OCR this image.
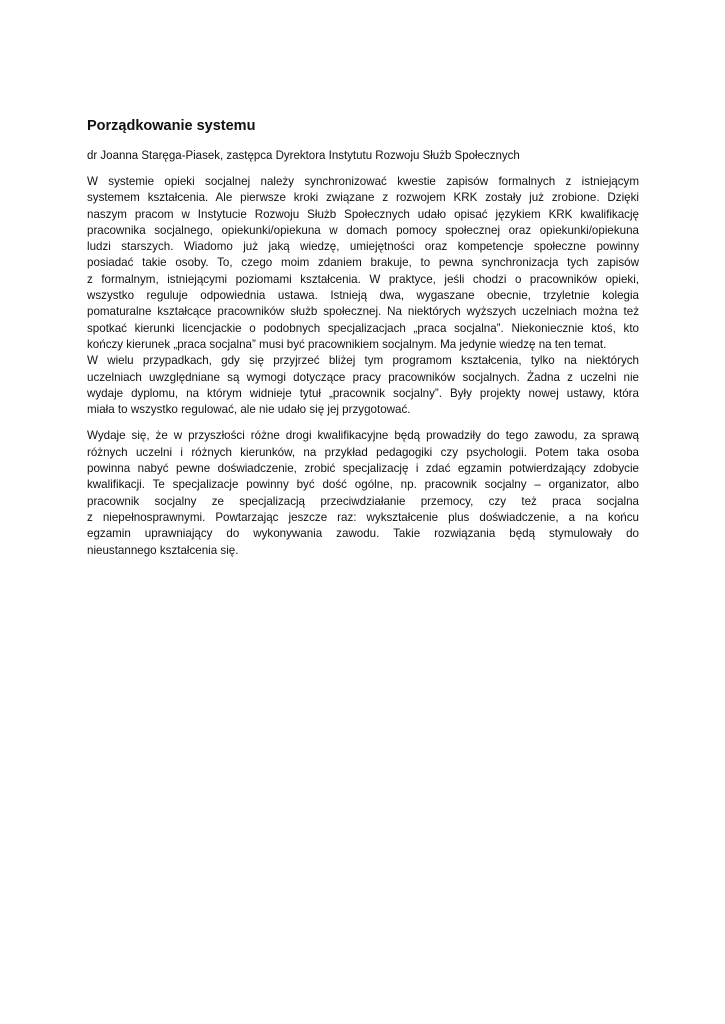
Porządkowanie systemu

dr Joanna Staręga-Piasek, zastępca Dyrektora Instytutu Rozwoju Służb Społecznych

W systemie opieki socjalnej należy synchronizować kwestie zapisów formalnych z istniejącym
systemem kształcenia. Ale pierwsze kroki związane z rozwojem KRK zostały już zrobione. Dzięki
naszym pracom w Instytucie Rozwoju Służb Społecznych udało opisać językiem KRK kwalifikację
pracownika socjalnego, opiekunki/opiekuna w domach pomocy społecznej oraz opiekunki/opiekuna
ludzi starszych. Wiadomo już jaką wiedzę, umiejętności oraz kompetencje społeczne powinny
posiadać takie osoby. To, czego moim zdaniem brakuje, to pewna synchronizacja tych zapisów
z formalnym, istniejącymi poziomami kształcenia. W praktyce, jeśli chodzi o pracowników opieki,
wszystko reguluje odpowiednia ustawa. Istnieją dwa, wygaszane obecnie, trzyletnie kolegia
pomaturalne kształcące pracowników służb społecznej. Na niektórych wyższych uczelniach można też
spotkać kierunki licencjackie o podobnych specjalizacjach „praca socjalna”. Niekoniecznie ktoś, kto
kończy kierunek „praca socjalna” musi być pracownikiem socjalnym. Ma jedynie wiedzę na ten temat.
W wielu przypadkach, gdy się przyjrzeć bliżej tym programom kształcenia, tylko na niektórych
uczelniach uwzględniane są wymogi dotyczące pracy pracowników socjalnych. Żadna z uczelni nie
wydaje dyplomu, na którym widnieje tytuł „pracownik socjalny”. Były projekty nowej ustawy, która
miała to wszystko regulować, ale nie udało się jej przygotować.
Wydaje się, że w przyszłości różne drogi kwalifikacyjne będą prowadziły do tego zawodu, za sprawą
różnych uczelni i różnych kierunków, na przykład pedagogiki czy psychologii. Potem taka osoba
powinna nabyć pewne doświadczenie, zrobić specjalizację i zdać egzamin potwierdzający zdobycie
kwalifikacji. Te specjalizacje powinny być dość ogólne, np. pracownik socjalny – organizator, albo
pracownik socjalny ze specjalizacją przeciwdziałanie przemocy, czy też praca socjalna
z niepełnosprawnymi. Powtarzając jeszcze raz: wykształcenie plus doświadczenie, a na końcu
egzamin uprawniający do wykonywania zawodu. Takie rozwiązania będą stymulowały do
nieustannego kształcenia się.
